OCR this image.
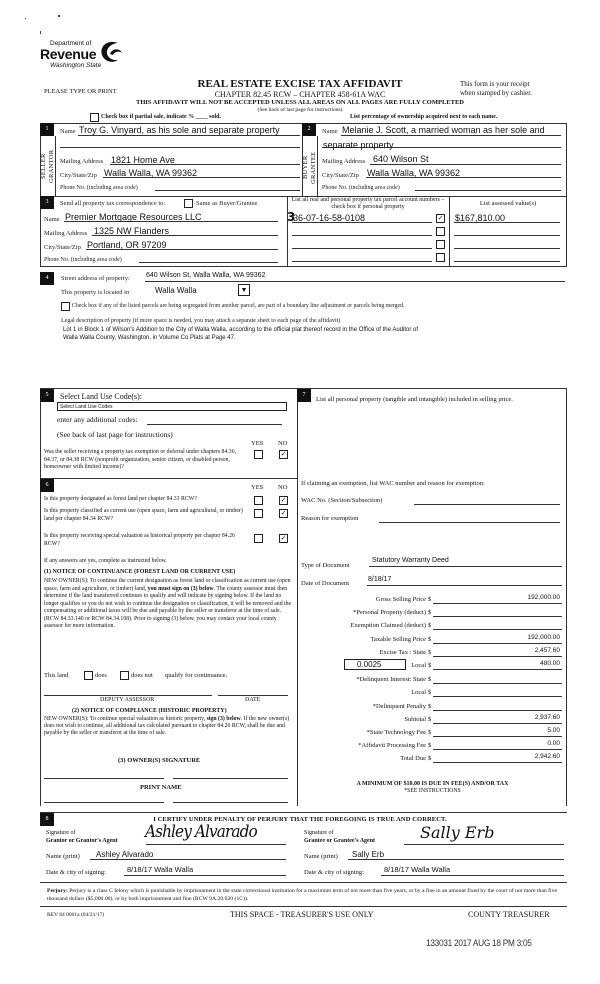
Department of
Revenue
Washington State
PLEASE TYPE OR PRINT
REAL ESTATE EXCISE TAX AFFIDAVIT
CHAPTER 82.45 RCW – CHAPTER 458-61A WAC
This form is your receipt
when stamped by cashier.
THIS AFFIDAVIT WILL NOT BE ACCEPTED UNLESS ALL AREAS ON ALL PAGES ARE FULLY COMPLETED
(See back of last page for instructions)
Check box if partial sale, indicate % ____ sold.	List percentage of ownership acquired next to each name.
1
SELLER
GRANTOR
Name Troy G. Vinyard, as his sole and separate property
Mailing Address 1821 Home Ave
City/State/Zip Walla Walla, WA 99362
Phone No. (including area code)
2
BUYER
GRANTEE
Name Melanie J. Scott, a married woman as her sole and
separate property
Mailing Address 640 Wilson St
City/State/Zip Walla Walla, WA 99362
Phone No. (including area code)
3	Send all property tax correspondence to:	Same as Buyer/Grantee
Name Premier Mortgage Resources LLC
Mailing Address 1325 NW Flanders
City/State/Zip Portland, OR 97209
Phone No. (including area code)
List all real and personal property tax parcel account numbers – check box if personal property	List assessed value(s)
36-07-16-58-0108
3 ✓	$167,810.00
4	Street address of property: 640 Wilson St, Walla Walla, WA 99362
This property is located in	Walla Walla	▼
Check box if any of the listed parcels are being segregated from another parcel, are part of a boundary line adjustment or parcels being merged.
Legal description of property (if more space is needed, you may attach a separate sheet to each page of the affidavit)
Lot 1 in Block 1 of Wilson's Addition to the City of Walla Walla, according to the official plat thereof record in the Office of the Auditor of
Walla Walla County, Washington, in Volume Co Plats at Page 47.
5	Select Land Use Code(s):
Select Land Use Codes
enter any additional codes:
(See back of last page for instructions)
YES NO
Was the seller receiving a property tax exemption or deferral under chapters 84.36, 84.37, or 84.38 RCW (nonprofit organization, senior citizen, or disabled person, homeowner with limited income)?
✓
6	YES NO
Is this property designated as forest land per chapter 84.33 RCW?
✓
Is this property classified as current use (open space, farm and agricultural, or timber) land per chapter 84.34 RCW?
✓
Is this property receiving special valuation as historical property per chapter 84.26 RCW?
✓
If any answers are yes, complete as instructed below.
(1) NOTICE OF CONTINUANCE (FOREST LAND OR CURRENT USE)
NEW OWNER(S): To continue the current designation as forest land or classification as current use (open space, farm and agriculture, or timber) land, you must sign on (3) below. The county assessor must then determine if the land transferred continues to qualify and will indicate by signing below. If the land no longer qualifies or you do not wish to continue the designation or classification, it will be removed and the compensating or additional taxes will be due and payable by the seller or transferor at the time of sale. (RCW 84.33.140 or RCW 84.34.108). Prior to signing (3) below, you may contact your local county assessor for more information.
This land	does	does not qualify for continuance.
DEPUTY ASSESSOR	DATE
(2) NOTICE OF COMPLIANCE (HISTORIC PROPERTY)
NEW OWNER(S): To continue special valuation as historic property, sign (3) below. If the new owner(s) does not wish to continue, all additional tax calculated pursuant to chapter 84.26 RCW, shall be due and payable by the seller or transferor at the time of sale.
(3) OWNER(S) SIGNATURE
PRINT NAME
7
List all personal property (tangible and intangible) included in selling price.
If claiming an exemption, list WAC number and reason for exemption:
WAC No. (Section/Subsection)
Reason for exemption
Type of Document
Statutory Warranty Deed
Date of Document
8/18/17
Gross Selling Price $	192,000.00
*Personal Property (deduct) $
Exemption Claimed (deduct) $
Taxable Selling Price $	192,000.00
Excise Tax : State $	2,457.60
Local $	480.00
*Delinquent Interest: State $
Local $
*Delinquent Penalty $
Subtotal $	2,937.60
*State Technology Fee $	5.00
*Affidavit Processing Fee $	0.00
Total Due $	2,942.60
0.0025
A MINIMUM OF $10.00 IS DUE IN FEE(S) AND/OR TAX
*SEE INSTRUCTIONS
8	I CERTIFY UNDER PENALTY OF PERJURY THAT THE FOREGOING IS TRUE AND CORRECT.
Signature of
Grantor or Grantor's Agent Ashley Alvarado
Name (print) Ashley Alvarado
Date & city of signing:	8/18/17 Walla Walla
Signature of
Grantee or Grantee's Agent	Sally Erb
Name (print) Sally Erb
Date & city of signing:	8/18/17 Walla Walla
Perjury: Perjury is a class C felony which is punishable by imprisonment in the state correctional institution for a maximum term of not more than five years, or by a fine in an amount fixed by the court of not more than five thousand dollars ($5,000.00), or by both imprisonment and fine (RCW 9A.20.020 (1C)).
REV 84 0001a (04/21/17)	THIS SPACE - TREASURER'S USE ONLY	COUNTY TREASURER
133031 2017 AUG 18 PM 3:05
